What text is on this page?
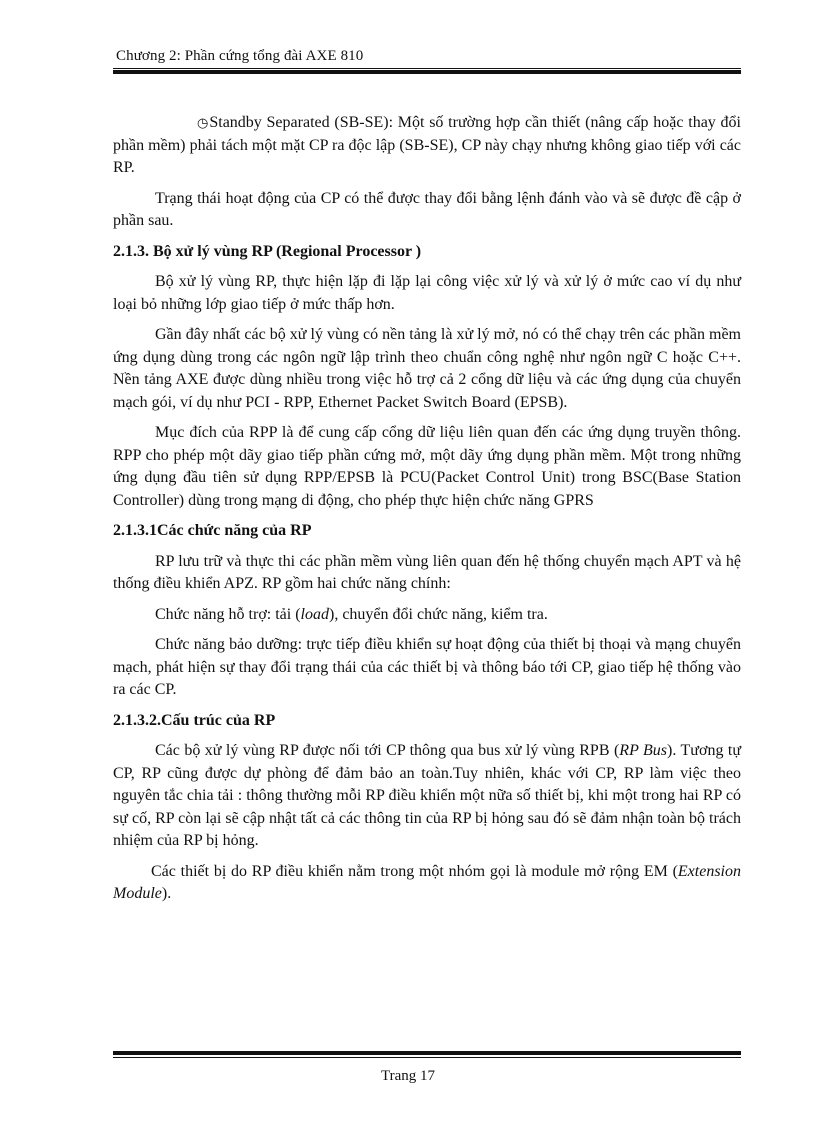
Chương 2: Phần cứng tổng đài AXE 810

◷Standby Separated (SB-SE): Một số trường hợp cần thiết (nâng cấp hoặc thay đổi phần mềm) phải tách một mặt CP ra độc lập (SB-SE), CP này chạy nhưng không giao tiếp với các RP.

Trạng thái hoạt động của CP có thể được thay đổi bằng lệnh đánh vào và sẽ được đề cập ở phần sau.

2.1.3. Bộ xử lý vùng RP (Regional Processor )

Bộ xử lý vùng RP, thực hiện lặp đi lặp lại công việc xử lý và xử lý ở mức cao ví dụ như loại bỏ những lớp giao tiếp ở mức thấp hơn.

Gần đây nhất các bộ xử lý vùng có nền tảng là xử lý mở, nó có thể chạy trên các phần mềm ứng dụng dùng trong các ngôn ngữ lập trình theo chuẩn công nghệ như ngôn ngữ C hoặc C++. Nền tảng AXE được dùng nhiều trong việc hỗ trợ cả 2 cổng dữ liệu và các ứng dụng của chuyển mạch gói, ví dụ như PCI - RPP, Ethernet Packet Switch Board (EPSB).

Mục đích của RPP là để cung cấp cổng dữ liệu liên quan đến các ứng dụng truyền thông. RPP cho phép một dãy giao tiếp phần cứng mở, một dãy ứng dụng phần mềm. Một trong những ứng dụng đầu tiên sử dụng RPP/EPSB là PCU(Packet Control Unit) trong BSC(Base Station Controller) dùng trong mạng di động, cho phép thực hiện chức năng GPRS

2.1.3.1Các chức năng của RP

RP lưu trữ và thực thi các phần mềm vùng liên quan đến hệ thống chuyển mạch APT và hệ thống điều khiển APZ. RP gồm hai chức năng chính:

Chức năng hỗ trợ: tải (load), chuyển đổi chức năng, kiểm tra.

Chức năng bảo dưỡng: trực tiếp điều khiển sự hoạt động của thiết bị thoại và mạng chuyển mạch, phát hiện sự thay đổi trạng thái của các thiết bị và thông báo tới CP, giao tiếp hệ thống vào ra các CP.

2.1.3.2.Cấu trúc của RP

Các bộ xử lý vùng RP được nối tới CP thông qua bus xử lý vùng RPB (RP Bus). Tương tự CP, RP cũng được dự phòng để đảm bảo an toàn.Tuy nhiên, khác với CP, RP làm việc theo nguyên tắc chia tải : thông thường mỗi RP điều khiển một nữa số thiết bị, khi một trong hai RP có sự cố, RP còn lại sẽ cập nhật tất cả các thông tin của RP bị hỏng sau đó sẽ đảm nhận toàn bộ trách nhiệm của RP bị hỏng.

Các thiết bị do RP điều khiển nằm trong một nhóm gọi là module mở rộng EM (Extension Module).

Trang 17
